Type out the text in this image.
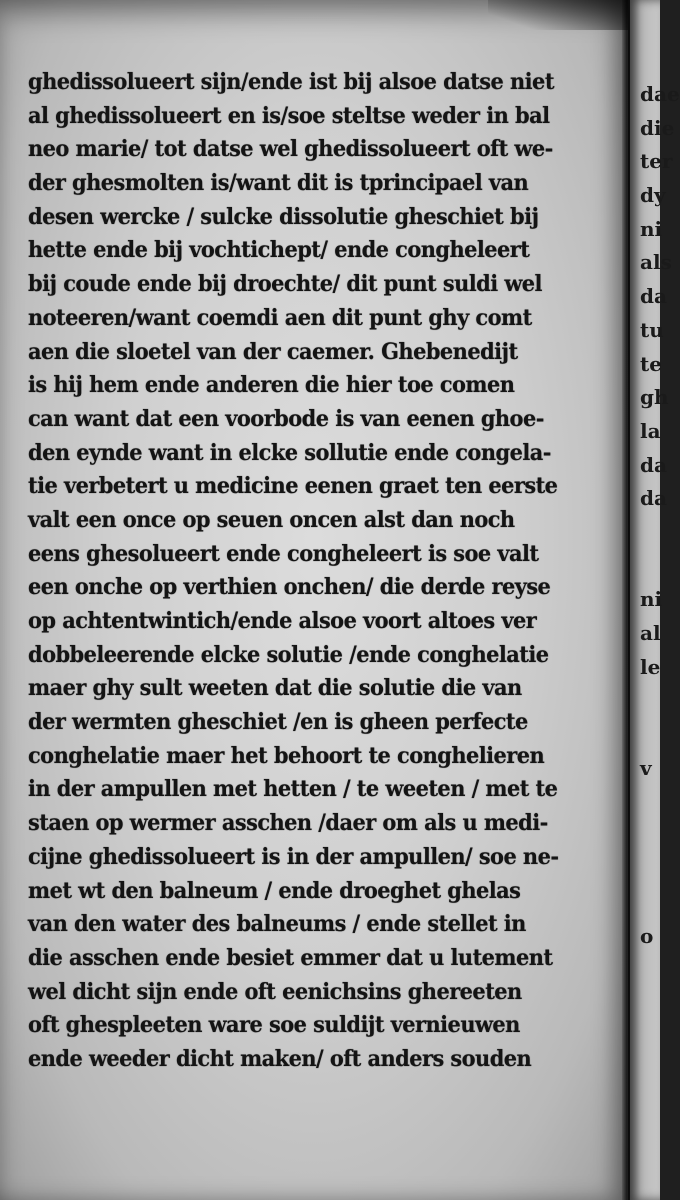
ghedissolueert sijn/ende ist bij alsoe datse niet
al ghedissolueert en is/soe steltse weder in bal
neo marie/ tot datse wel ghedissolueert oft we-
der ghesmolten is/want dit is tprincipael van
desen wercke / sulcke dissolutie gheschiet bij
hette ende bij vochtichept/ ende congheleert
bij coude ende bij droechte/ dit punt suldi wel
noteeren/want coemdi aen dit punt ghy comt
aen die sloetel van der caemer. Ghebenedijt
is hij hem ende anderen die hier toe comen
can want dat een voorbode is van eenen ghoe-
den eynde want in elcke sollutie ende congela-
tie verbetert u medicine eenen graet ten eerste
valt een once op seuen oncen alst dan noch
eens ghesolueert ende congheleert is soe valt
een onche op verthien onchen/ die derde reyse
op achtentwintich/ende alsoe voort altoes ver
dobbeleerende elcke solutie /ende conghelatie
maer ghy sult weeten dat die solutie die van
der wermten gheschiet /en is gheen perfecte
conghelatie maer het behoort te conghelieren
in der ampullen met hetten / te weeten / met te
staen op wermer asschen /daer om als u medi-
cijne ghedissolueert is in der ampullen/ soe ne-
met wt den balneum / ende droeghet ghelas
van den water des balneums / ende stellet in
die asschen ende besiet emmer dat u lutement
wel dicht sijn ende oft eenichsins ghereeten
oft ghespleeten ware soe suldijt vernieuwen
ende weeder dicht maken/ oft anders souden
dae
die
ter
dy
ni
als
da
tu
te
gh
la
da
da
ni
al
le
v
o
